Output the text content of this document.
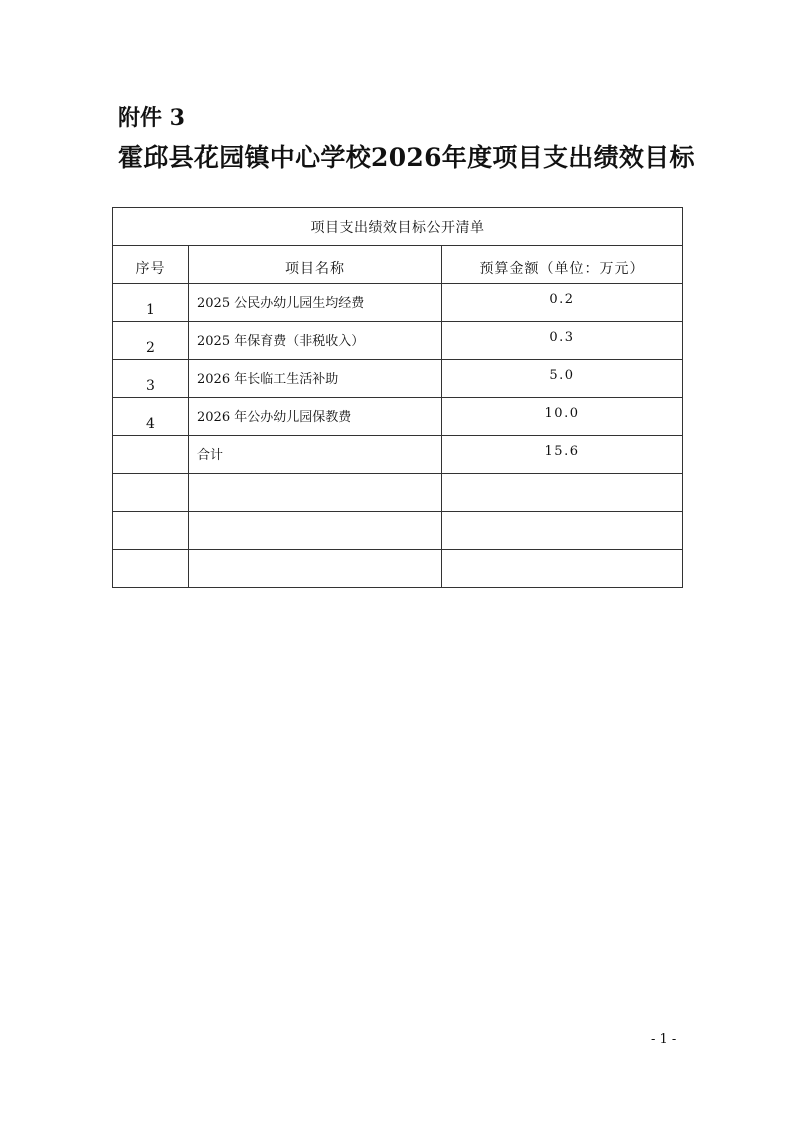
附件 3
霍邱县花园镇中心学校2026年度项目支出绩效目标
项目支出绩效目标公开清单		
序号	项目名称	预算金额（单位：万元）
1	2025 公民办幼儿园生均经费	0.2
2	2025 年保育费（非税收入）	0.3
3	2026 年长临工生活补助	5.0
4	2026 年公办幼儿园保教费	10.0
	合计	15.6

- 1 -
